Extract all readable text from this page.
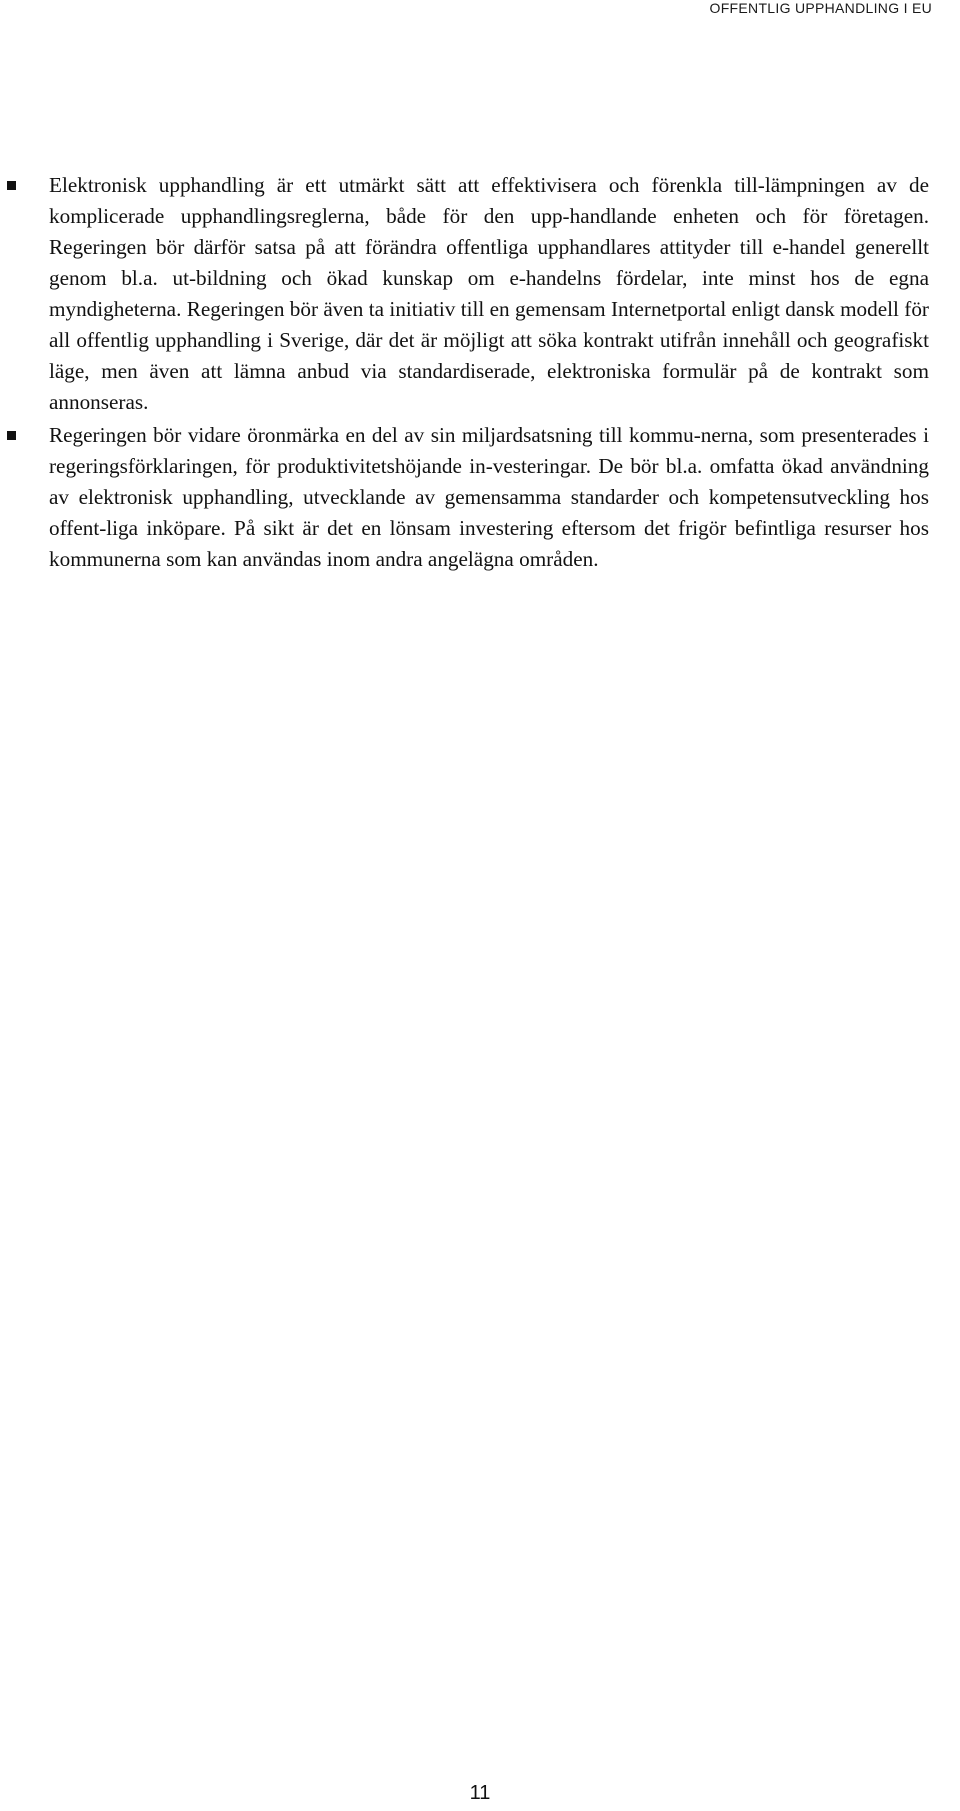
OFFENTLIG UPPHANDLING I EU
Elektronisk upphandling är ett utmärkt sätt att effektivisera och förenkla till-lämpningen av de komplicerade upphandlingsreglerna, både för den upp-handlande enheten och för företagen. Regeringen bör därför satsa på att förändra offentliga upphandlares attityder till e-handel generellt genom bl.a. ut-bildning och ökad kunskap om e-handelns fördelar, inte minst hos de egna myndigheterna. Regeringen bör även ta initiativ till en gemensam Internetportal enligt dansk modell för all offentlig upphandling i Sverige, där det är möjligt att söka kontrakt utifrån innehåll och geografiskt läge, men även att lämna anbud via standardiserade, elektroniska formulär på de kontrakt som annonseras.
Regeringen bör vidare öronmärka en del av sin miljardsatsning till kommu-nerna, som presenterades i regeringsförklaringen, för produktivitetshöjande in-vesteringar. De bör bl.a. omfatta ökad användning av elektronisk upphandling, utvecklande av gemensamma standarder och kompetensutveckling hos offent-liga inköpare. På sikt är det en lönsam investering eftersom det frigör befintliga resurser hos kommunerna som kan användas inom andra angelägna områden.
11
